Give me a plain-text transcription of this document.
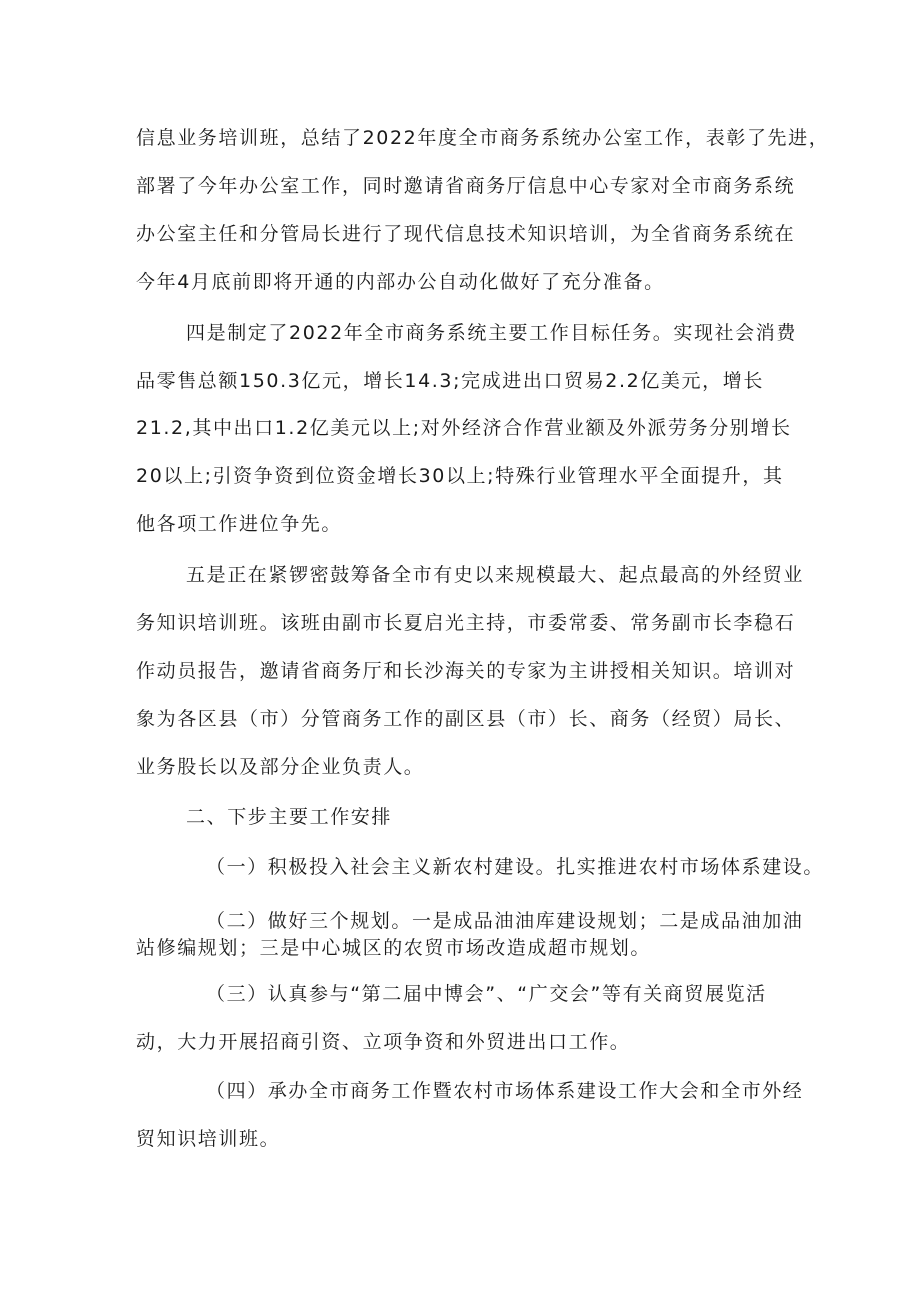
信息业务培训班，总结了2022年度全市商务系统办公室工作，表彰了先进，
部署了今年办公室工作，同时邀请省商务厅信息中心专家对全市商务系统
办公室主任和分管局长进行了现代信息技术知识培训，为全省商务系统在
今年4月底前即将开通的内部办公自动化做好了充分准备。
四是制定了2022年全市商务系统主要工作目标任务。实现社会消费
品零售总额150.3亿元，增长14.3;完成进出口贸易2.2亿美元，增长
21.2,其中出口1.2亿美元以上;对外经济合作营业额及外派劳务分别增长
20以上;引资争资到位资金增长30以上;特殊行业管理水平全面提升，其
他各项工作进位争先。
五是正在紧锣密鼓筹备全市有史以来规模最大、起点最高的外经贸业
务知识培训班。该班由副市长夏启光主持，市委常委、常务副市长李稳石
作动员报告，邀请省商务厅和长沙海关的专家为主讲授相关知识。培训对
象为各区县（市）分管商务工作的副区县（市）长、商务（经贸）局长、
业务股长以及部分企业负责人。
二、下步主要工作安排
（一）积极投入社会主义新农村建设。扎实推进农村市场体系建设。
（二）做好三个规划。一是成品油油库建设规划；二是成品油加油
站修编规划；三是中心城区的农贸市场改造成超市规划。
（三）认真参与“第二届中博会”、“广交会”等有关商贸展览活
动，大力开展招商引资、立项争资和外贸进出口工作。
（四）承办全市商务工作暨农村市场体系建设工作大会和全市外经
贸知识培训班。
